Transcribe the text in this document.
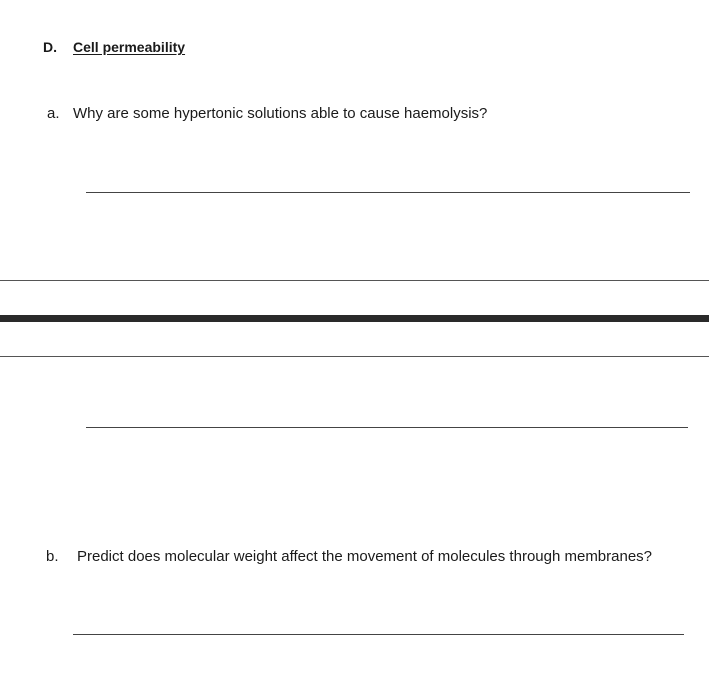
D. Cell permeability
a. Why are some hypertonic solutions able to cause haemolysis?
b. Predict does molecular weight affect the movement of molecules through membranes?
